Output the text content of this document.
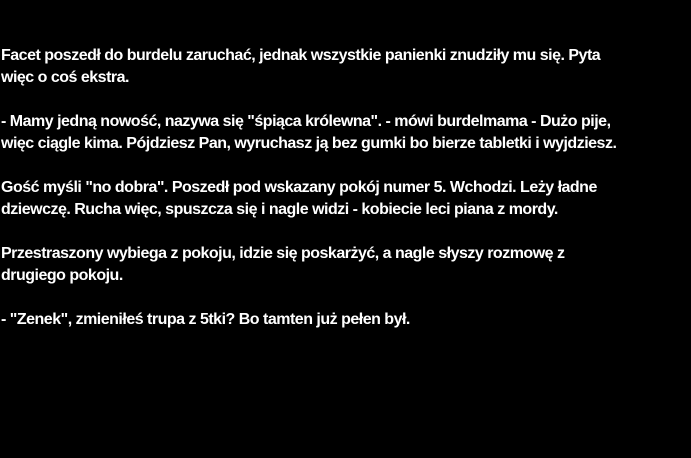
Facet poszedł do burdelu zaruchać, jednak wszystkie panienki znudziły mu się. Pyta
więc o coś ekstra.
- Mamy jedną nowość, nazywa się "śpiąca królewna". - mówi burdelmama - Dużo pije,
więc ciągle kima. Pójdziesz Pan, wyruchasz ją bez gumki bo bierze tabletki i wyjdziesz.
Gość myśli "no dobra". Poszedł pod wskazany pokój numer 5. Wchodzi. Leży ładne
dziewczę. Rucha więc, spuszcza się i nagle widzi - kobiecie leci piana z mordy.
Przestraszony wybiega z pokoju, idzie się poskarżyć, a nagle słyszy rozmowę z
drugiego pokoju.
- "Zenek", zmieniłeś trupa z 5tki? Bo tamten już pełen był.
